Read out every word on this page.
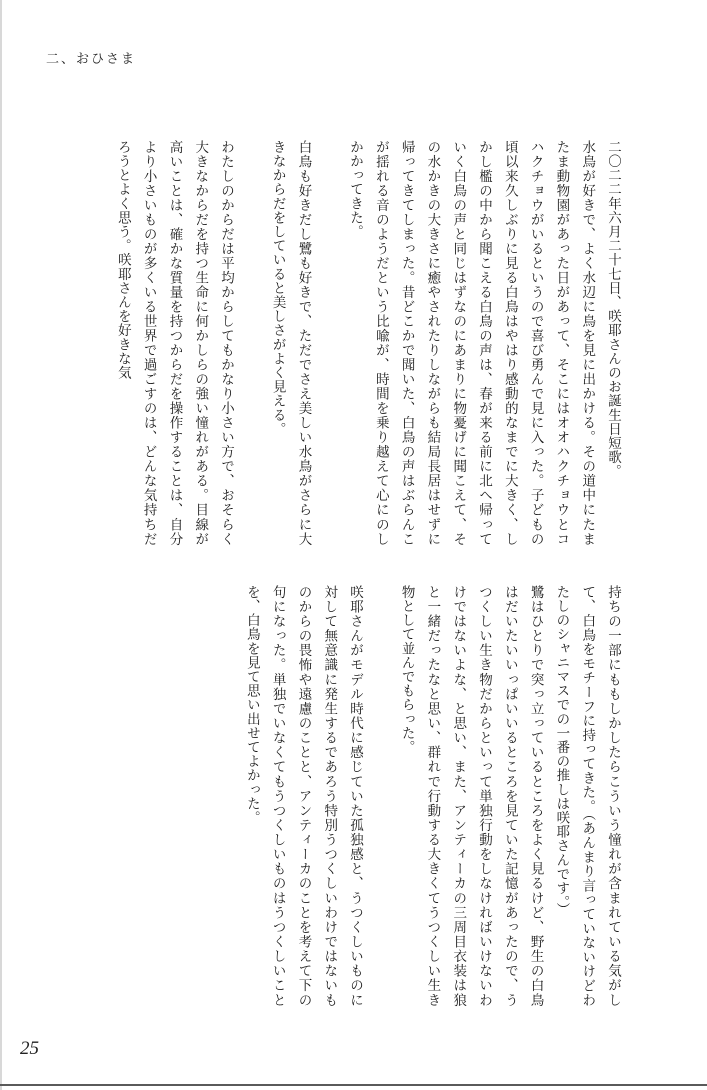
二、おひさま

二〇二二年六月二十七日、咲耶さんのお誕生日短歌。

水鳥が好きで、よく水辺に鳥を見に出かける。その道中にたまたま動物園があった日があって、そこにはオオハクチョウとコハクチョウがいるというので喜び勇んで見に入った。子どもの頃以来久しぶりに見る白鳥はやはり感動的なまでに大きく、しかし檻の中から聞こえる白鳥の声は、春が来る前に北へ帰っていく白鳥の声と同じはずなのにあまりに物憂げに聞こえて、その水かきの大きさに癒やされたりしながらも結局長居はせずに帰ってきてしまった。昔どこかで聞いた、白鳥の声はぶらんこが揺れる音のようだという比喩が、時間を乗り越えて心にのしかかってきた。

白鳥も好きだし鷺も好きで、ただでさえ美しい水鳥がさらに大きなからだをしていると美しさがよく見える。

わたしのからだは平均からしてもかなり小さい方で、おそらく大きなからだを持つ生命に何かしらの強い憧れがある。目線が高いことは、確かな質量を持つからだを操作することは、自分より小さいものが多くいる世界で過ごすのは、どんな気持ちだろうとよく思う。咲耶さんを好きな気

持ちの一部にももしかしたらこういう憧れが含まれている気がして、白鳥をモチーフに持ってきた。（あんまり言っていないけどわたしのシャニマスでの一番の推しは咲耶さんです。）

鷺はひとりで突っ立っているところをよく見るけど、野生の白鳥はだいたいいっぱいいるところを見ていた記憶があったので、うつくしい生き物だからといって単独行動をしなければいけないわけではないよな、と思い、また、アンティーカの三周目衣装は狼と一緒だったなと思い、群れで行動する大きくてうつくしい生き物として並んでもらった。

咲耶さんがモデル時代に感じていた孤独感と、うつくしいものに対して無意識に発生するであろう特別うつくしいわけではないものからの畏怖や遠慮のことと、アンティーカのことを考えて下の句になった。単独でいなくてもうつくしいものはうつくしいことを、白鳥を見て思い出せてよかった。

25
